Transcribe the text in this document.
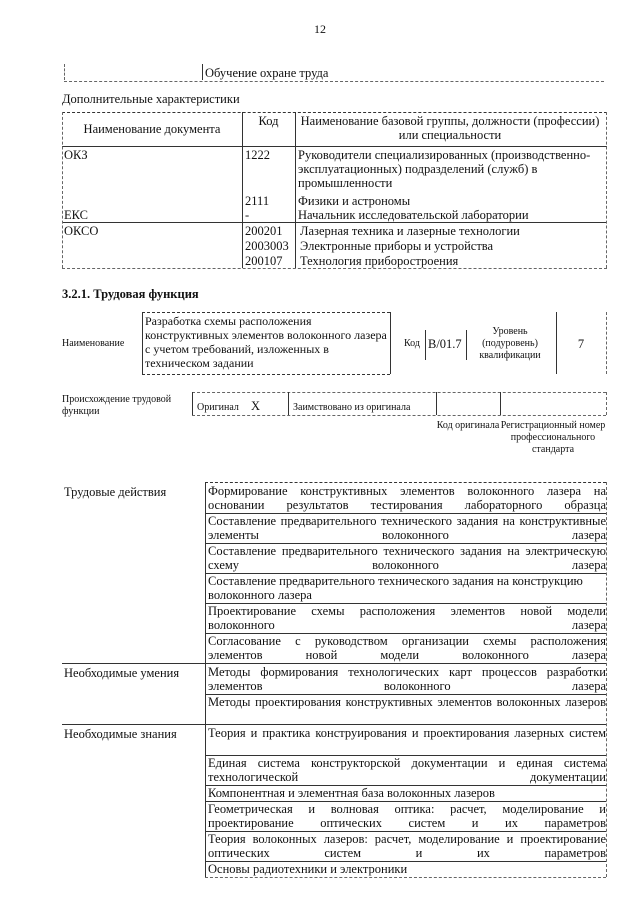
12
Обучение охране труда
Дополнительные характеристики
Наименование документа
Код	Наименование базовой группы, должности (профессии) или специальности
ОКЗ	1222 Руководители специализированных (производственно-эксплуатационных) подразделений (служб) в промышленности
2111 Физики и астрономы
ЕКС	-	Начальник исследовательской лаборатории
ОКСО	200201 Лазерная техника и лазерные технологии
2003003 Электронные приборы и устройства
200107 Технология приборостроения
3.2.1. Трудовая функция
Наименование
Разработка схемы расположения конструктивных элементов волоконного лазера с учетом требований, изложенных в техническом задании
Код B/01.7
Уровень (подуровень) квалификации
7
Происхождение трудовой функции	Оригинал X	Заимствовано из оригинала
Код оригинала Регистрационный номер профессионального стандарта
Трудовые действия	Формирование конструктивных элементов волоконного лазера на основании результатов тестирования лабораторного образца
Составление предварительного технического задания на конструктивные элементы волоконного лазера
Составление предварительного технического задания на электрическую схему волоконного лазера
Составление предварительного технического задания на конструкцию волоконного лазера
Проектирование схемы расположения элементов новой модели волоконного лазера
Согласование с руководством организации схемы расположения элементов новой модели волоконного лазера
Необходимые умения Методы формирования технологических карт процессов разработки элементов волоконного лазера
Методы проектирования конструктивных элементов волоконных лазеров
Необходимые знания	Теория и практика конструирования и проектирования лазерных систем
Единая система конструкторской документации и единая система технологической документации
Компонентная и элементная база волоконных лазеров
Геометрическая и волновая оптика: расчет, моделирование и проектирование оптических систем и их параметров
Теория волоконных лазеров: расчет, моделирование и проектирование оптических систем и их параметров
Основы радиотехники и электроники
